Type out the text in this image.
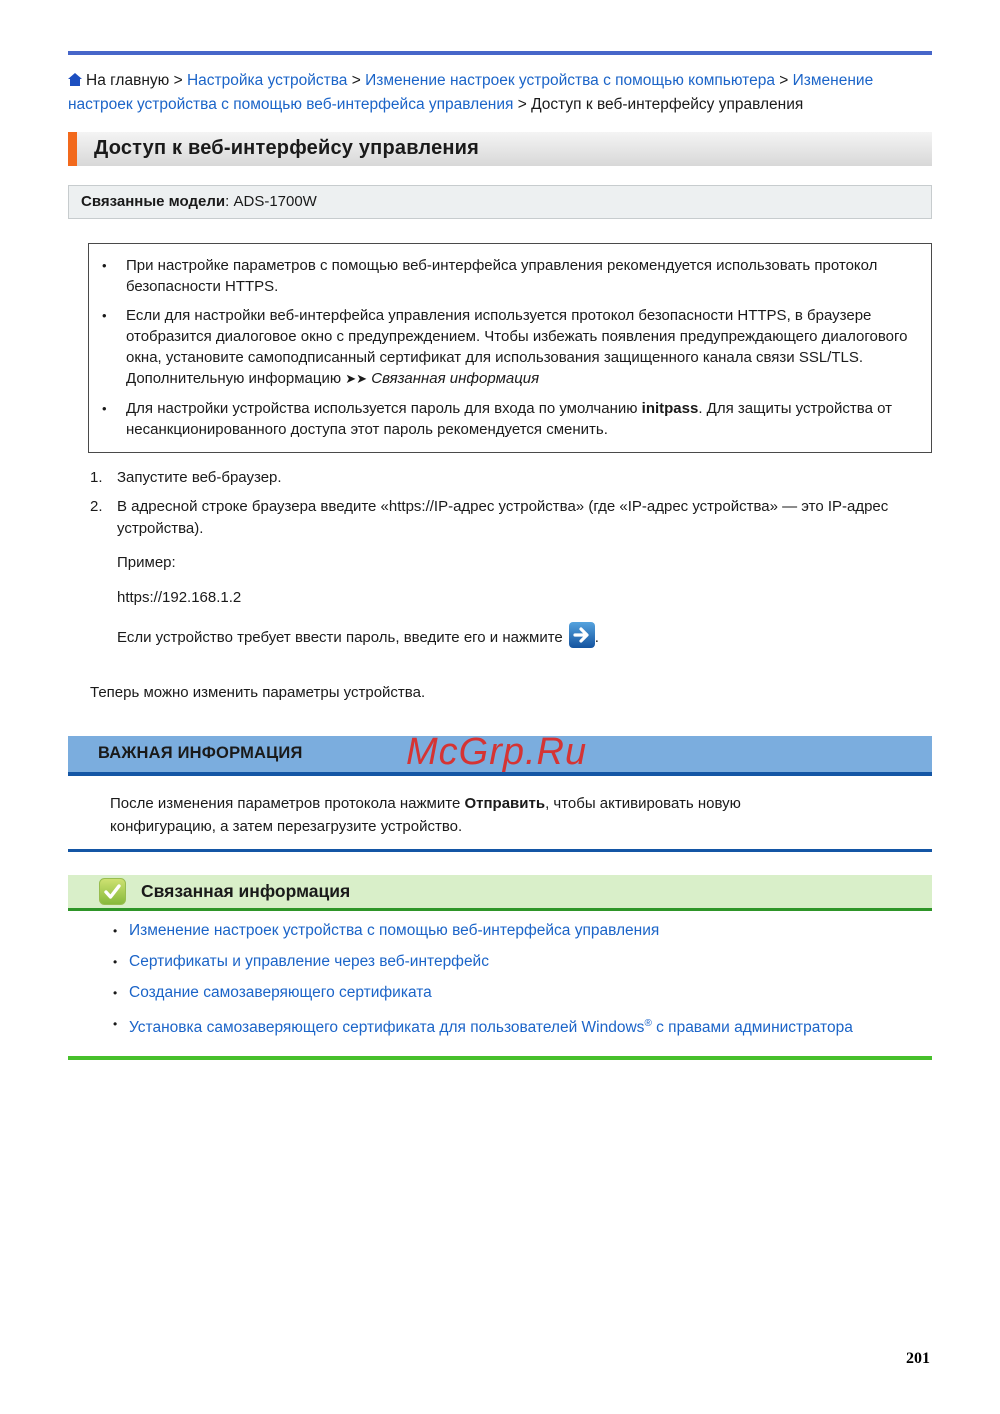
На главную > Настройка устройства > Изменение настроек устройства с помощью компьютера > Изменение настроек устройства с помощью веб-интерфейса управления > Доступ к веб-интерфейсу управления

Доступ к веб-интерфейсу управления
Связанные модели: ADS-1700W
•	При настройке параметров с помощью веб-интерфейса управления рекомендуется использовать протокол безопасности HTTPS.
•	Если для настройки веб-интерфейса управления используется протокол безопасности HTTPS, в браузере отобразится диалоговое окно с предупреждением. Чтобы избежать появления предупреждающего диалогового окна, установите самоподписанный сертификат для использования защищенного канала связи SSL/TLS. Дополнительную информацию ➤➤ Связанная информация
•	Для настройки устройства используется пароль для входа по умолчанию initpass. Для защиты устройства от несанкционированного доступа этот пароль рекомендуется сменить.
1. Запустите веб-браузер.
2. В адресной строке браузера введите «https://IP-адрес устройства» (где «IP-адрес устройства» — это IP-адрес устройства).
Пример:
https://192.168.1.2
Если устройство требует ввести пароль, введите его и нажмите .

Теперь можно изменить параметры устройства.

ВАЖНАЯ ИНФОРМАЦИЯ	McGrp.Ru

После изменения параметров протокола нажмите Отправить, чтобы активировать новую конфигурацию, а затем перезагрузите устройство.

Связанная информация
• Изменение настроек устройства с помощью веб-интерфейса управления
• Сертификаты и управление через веб-интерфейс
• Создание самозаверяющего сертификата
• Установка самозаверяющего сертификата для пользователей Windows® с правами администратора
201
